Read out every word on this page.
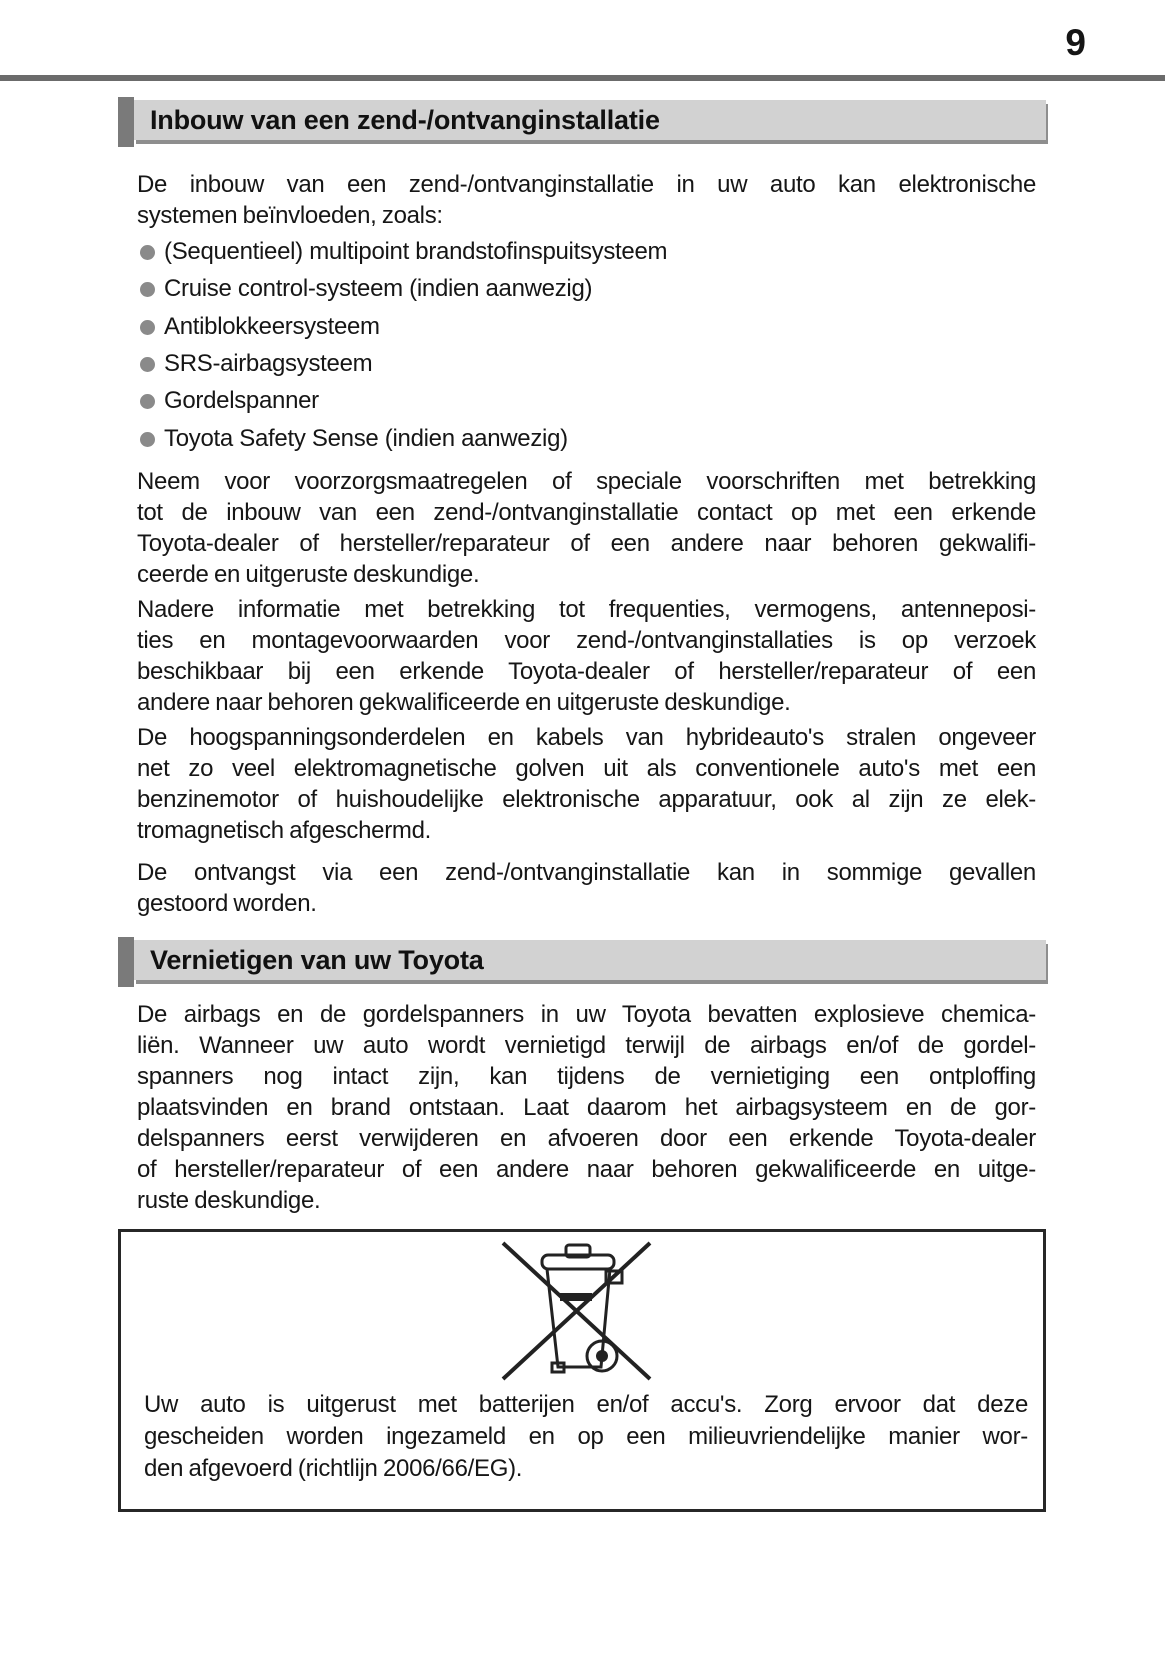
9
Inbouw van een zend-/ontvanginstallatie
De inbouw van een zend-/ontvanginstallatie in uw auto kan elektronische
systemen beïnvloeden, zoals:
(Sequentieel) multipoint brandstofinspuitsysteem
Cruise control-systeem (indien aanwezig)
Antiblokkeersysteem
SRS-airbagsysteem
Gordelspanner
Toyota Safety Sense (indien aanwezig)
Neem voor voorzorgsmaatregelen of speciale voorschriften met betrekking
tot de inbouw van een zend-/ontvanginstallatie contact op met een erkende
Toyota-dealer of hersteller/reparateur of een andere naar behoren gekwalifi-
ceerde en uitgeruste deskundige.
Nadere informatie met betrekking tot frequenties, vermogens, antenneposi-
ties en montagevoorwaarden voor zend-/ontvanginstallaties is op verzoek
beschikbaar bij een erkende Toyota-dealer of hersteller/reparateur of een
andere naar behoren gekwalificeerde en uitgeruste deskundige.
De hoogspanningsonderdelen en kabels van hybrideauto's stralen ongeveer
net zo veel elektromagnetische golven uit als conventionele auto's met een
benzinemotor of huishoudelijke elektronische apparatuur, ook al zijn ze elek-
tromagnetisch afgeschermd.
De ontvangst via een zend-/ontvanginstallatie kan in sommige gevallen
gestoord worden.
Vernietigen van uw Toyota
De airbags en de gordelspanners in uw Toyota bevatten explosieve chemica-
liën. Wanneer uw auto wordt vernietigd terwijl de airbags en/of de gordel-
spanners nog intact zijn, kan tijdens de vernietiging een ontploffing
plaatsvinden en brand ontstaan. Laat daarom het airbagsysteem en de gor-
delspanners eerst verwijderen en afvoeren door een erkende Toyota-dealer
of hersteller/reparateur of een andere naar behoren gekwalificeerde en uitge-
ruste deskundige.
Uw auto is uitgerust met batterijen en/of accu's. Zorg ervoor dat deze
gescheiden worden ingezameld en op een milieuvriendelijke manier wor-
den afgevoerd (richtlijn 2006/66/EG).
